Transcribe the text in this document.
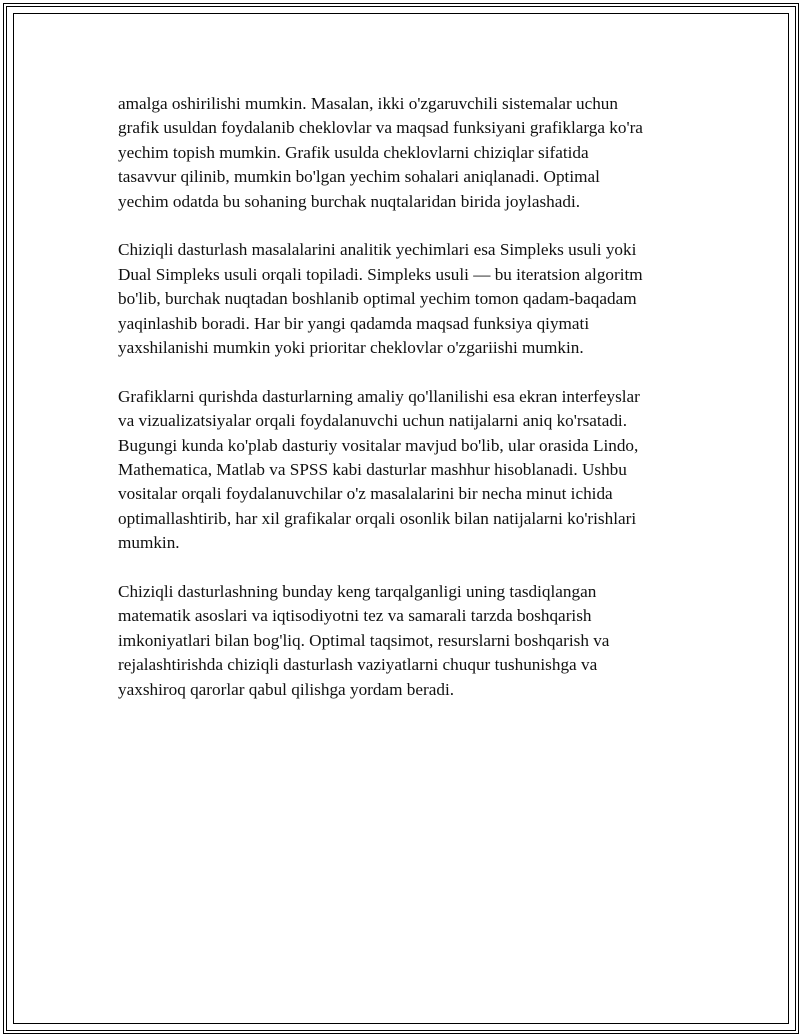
amalga oshirilishi mumkin. Masalan, ikki o'zgaruvchili sistemalar uchun
grafik usuldan foydalanib cheklovlar va maqsad funksiyani grafiklarga ko'ra
yechim topish mumkin. Grafik usulda cheklovlarni chiziqlar sifatida
tasavvur qilinib, mumkin bo'lgan yechim sohalari aniqlanadi. Optimal
yechim odatda bu sohaning burchak nuqtalaridan birida joylashadi.

Chiziqli dasturlash masalalarini analitik yechimlari esa Simpleks usuli yoki
Dual Simpleks usuli orqali topiladi. Simpleks usuli — bu iteratsion algoritm
bo'lib, burchak nuqtadan boshlanib optimal yechim tomon qadam-baqadam
yaqinlashib boradi. Har bir yangi qadamda maqsad funksiya qiymati
yaxshilanishi mumkin yoki prioritar cheklovlar o'zgariishi mumkin.

Grafiklarni qurishda dasturlarning amaliy qo'llanilishi esa ekran interfeyslar
va vizualizatsiyalar orqali foydalanuvchi uchun natijalarni aniq ko'rsatadi.
Bugungi kunda ko'plab dasturiy vositalar mavjud bo'lib, ular orasida Lindo,
Mathematica, Matlab va SPSS kabi dasturlar mashhur hisoblanadi. Ushbu
vositalar orqali foydalanuvchilar o'z masalalarini bir necha minut ichida
optimallashtirib, har xil grafikalar orqali osonlik bilan natijalarni ko'rishlari
mumkin.

Chiziqli dasturlashning bunday keng tarqalganligi uning tasdiqlangan
matematik asoslari va iqtisodiyotni tez va samarali tarzda boshqarish
imkoniyatlari bilan bog'liq. Optimal taqsimot, resurslarni boshqarish va
rejalashtirishda chiziqli dasturlash vaziyatlarni chuqur tushunishga va
yaxshiroq qarorlar qabul qilishga yordam beradi.
